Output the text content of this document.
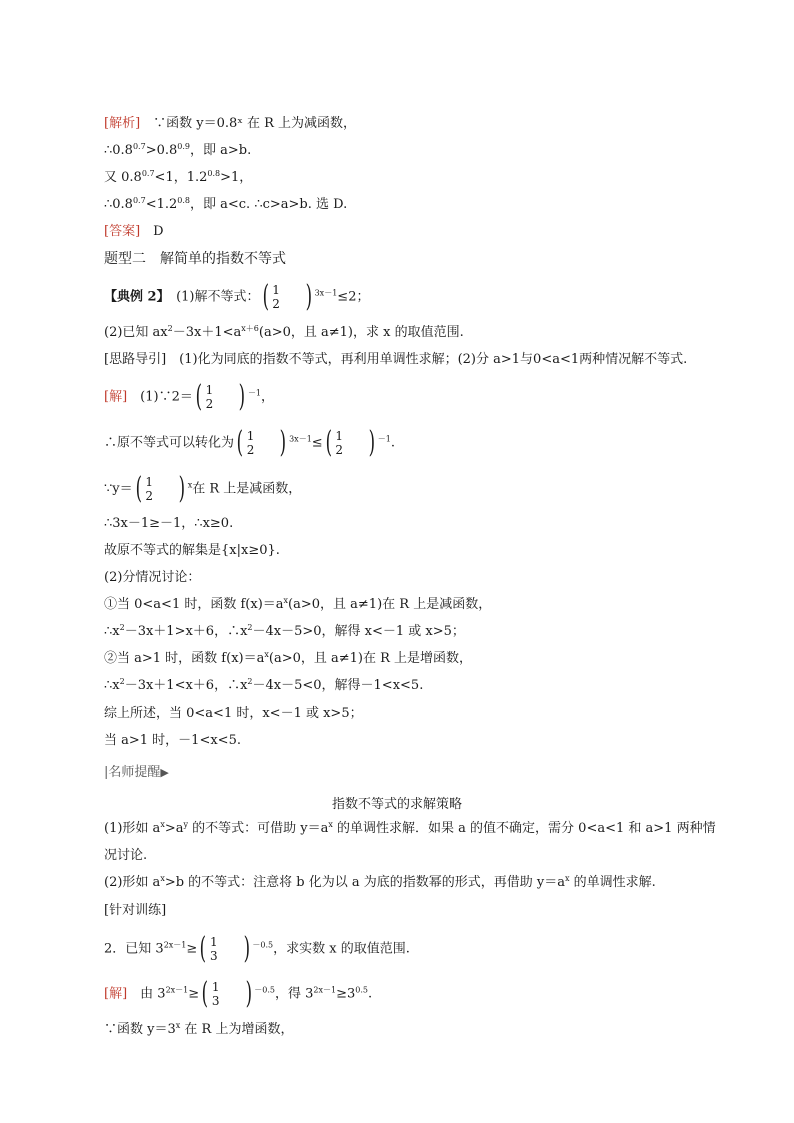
[解析]　 ∵函数 y＝0.8ˣ 在 R 上为减函数，
$\therefore 0.8^{0.7}>0.8^{0.9}$，即 a>b.
又 $0.8^{0.7}<1$，$1.2^{0.8}>1$，
$\therefore 0.8^{0.7}<1.2^{0.8}$，即 a<c. ∴c>a>b. 选 D.
[答案]　 D
题型二　解简单的指数不等式
【典例 2】　 (1)解不等式：( 1
2 ) $^{3x-1}$≤2；
(2)已知 $ax^2-3x+1<a^{x+6}(a>0$，且 a≠1)，求 x 的取值范围.
[思路导引]　 (1)化为同底的指数不等式，再利用单调性求解；(2)分 a>1与0<a<1两种情况解不等式.
[解]　 (1)∵2＝( 1
2 ) $^{-1}$，
∴原不等式可以转化为( 1
2 ) $^{3x-1}$≤( 1
2 ) $^{-1}$.
∵y＝( 1
2 ) $^x$在 R 上是减函数，
∴3x－1≥－1，∴x≥0.
故原不等式的解集是{x|x≥0}.
(2)分情况讨论：
①当 0<a<1 时，函数 $f(x)=a^x(a>0$，且 a≠1)在 R 上是减函数，
$\therefore x^2-3x+1>x+6$，$\therefore x^2-4x-5>0$，解得 x<－1 或 x>5；
②当 a>1 时，函数 $f(x)=a^x(a>0$，且 a≠1)在 R 上是增函数，
$\therefore x^2-3x+1<x+6$，$\therefore x^2-4x-5<0$，解得－1<x<5.
综上所述，当 0<a<1 时，x<－1 或 x>5；
当 a>1 时，－1<x<5.
|名师提醒▶
指数不等式的求解策略
(1)形如 $a^x>a^y$ 的不等式：可借助 $y=a^x$ 的单调性求解．如果 a 的值不确定，需分 0<a<1 和 a>1 两种情
况讨论.
(2)形如 $a^x>b$ 的不等式：注意将 b 化为以 a 为底的指数幂的形式，再借助 $y=a^x$ 的单调性求解.
[针对训练]
2．已知 $3^{2x-1}\ge$( 1
3 ) $^{-0.5}$，求实数 x 的取值范围.
[解]　 由 $3^{2x-1}\ge$( 1
3 ) $^{-0.5}$，得 $3^{2x-1}\ge 3^{0.5}$.
∵函数 $y=3^x$ 在 R 上为增函数，
